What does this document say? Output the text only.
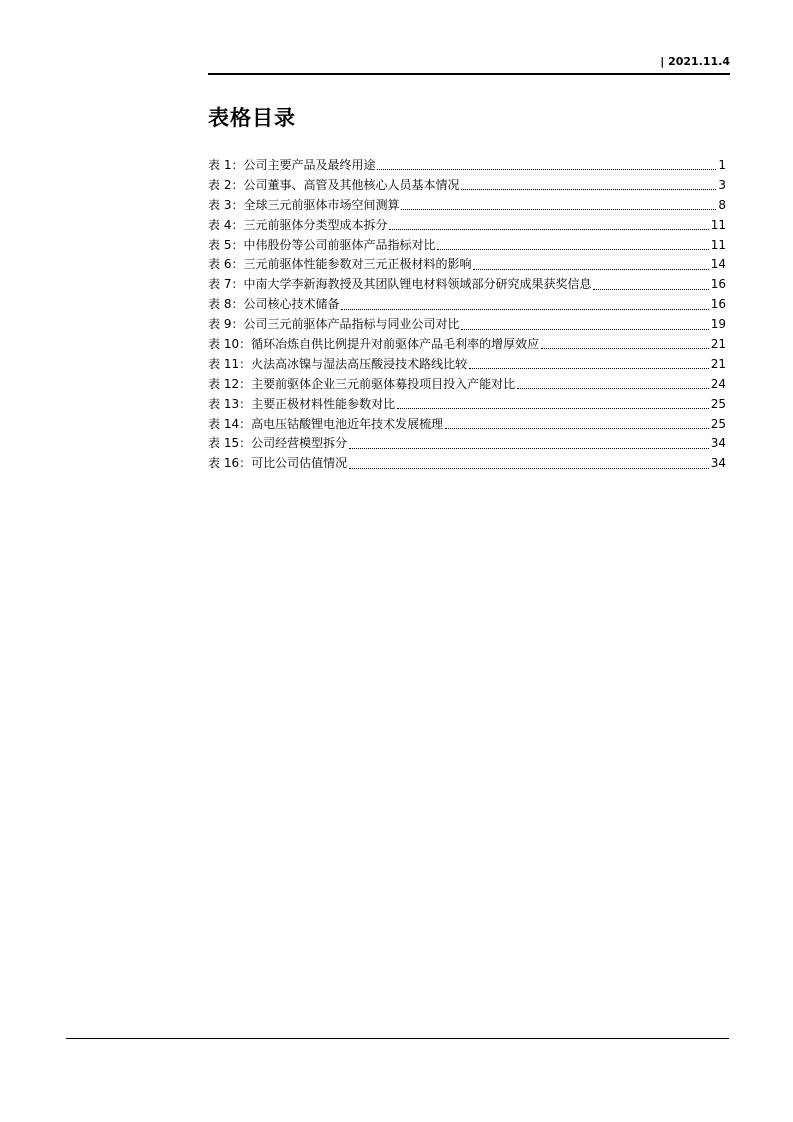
| 2021.11.4
表格目录
表 1：公司主要产品及最终用途	1
表 2：公司董事、高管及其他核心人员基本情况	3
表 3：全球三元前驱体市场空间测算	8
表 4：三元前驱体分类型成本拆分	11
表 5：中伟股份等公司前驱体产品指标对比	11
表 6：三元前驱体性能参数对三元正极材料的影响	14
表 7：中南大学李新海教授及其团队锂电材料领域部分研究成果获奖信息	16
表 8：公司核心技术储备	16
表 9：公司三元前驱体产品指标与同业公司对比	19
表 10：循环冶炼自供比例提升对前驱体产品毛利率的增厚效应	21
表 11：火法高冰镍与湿法高压酸浸技术路线比较	21
表 12：主要前驱体企业三元前驱体募投项目投入产能对比	24
表 13：主要正极材料性能参数对比	25
表 14：高电压钴酸锂电池近年技术发展梳理	25
表 15：公司经营模型拆分	34
表 16：可比公司估值情况	34
